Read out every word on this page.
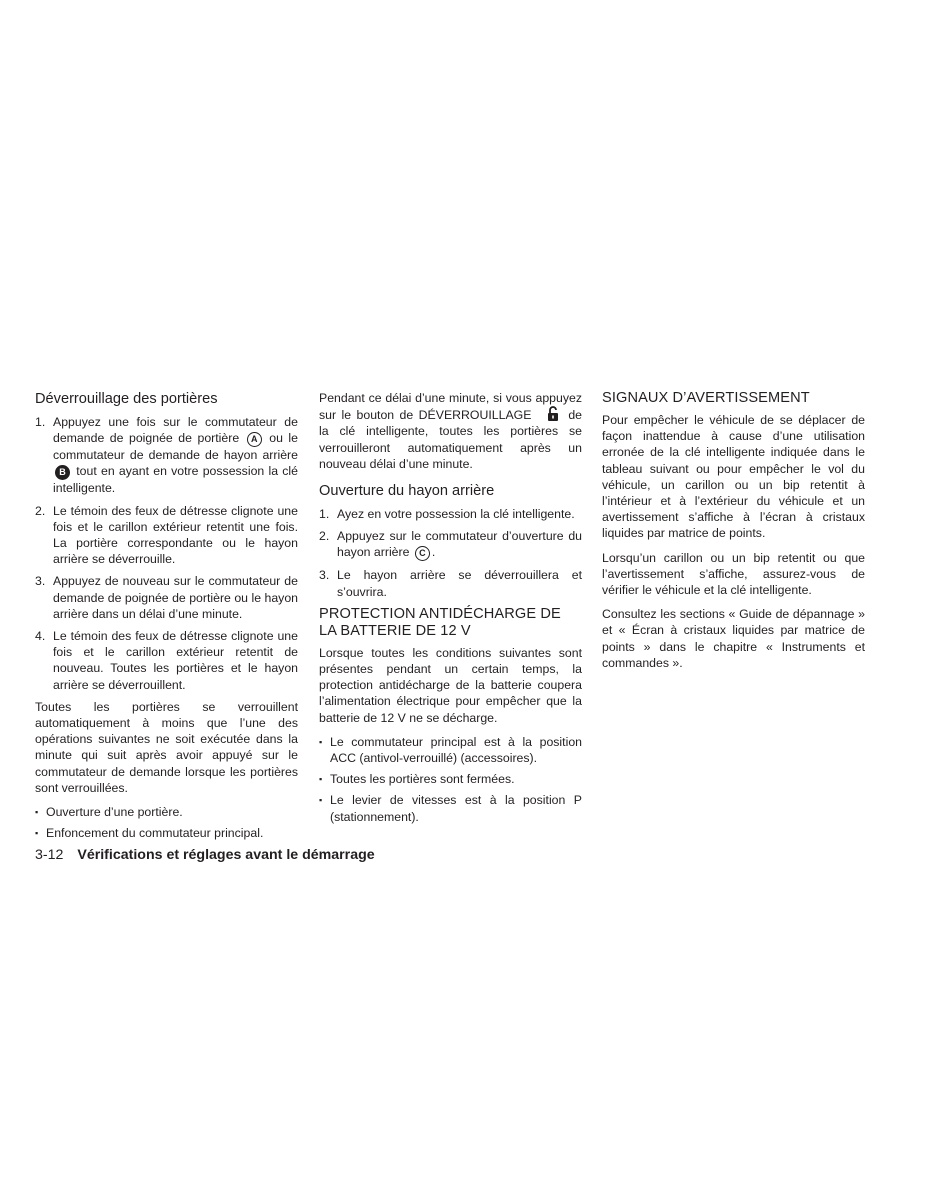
Déverrouillage des portières
1. Appuyez une fois sur le commutateur de demande de poignée de portière A ou le commutateur de demande de hayon arrière B tout en ayant en votre possession la clé intelligente.
2. Le témoin des feux de détresse clignote une fois et le carillon extérieur retentit une fois. La portière correspondante ou le hayon arrière se déverrouille.
3. Appuyez de nouveau sur le commutateur de demande de poignée de portière ou le hayon arrière dans un délai d’une minute.
4. Le témoin des feux de détresse clignote une fois et le carillon extérieur retentit de nouveau. Toutes les portières et le hayon arrière se déverrouillent.

Toutes les portières se verrouillent automatiquement à moins que l’une des opérations suivantes ne soit exécutée dans la minute qui suit après avoir appuyé sur le commutateur de demande lorsque les portières sont verrouillées.

▪ Ouverture d’une portière.
▪ Enfoncement du commutateur principal.

Pendant ce délai d’une minute, si vous appuyez sur le bouton de DÉVERROUILLAGE	de la clé intelligente, toutes les portières se verrouilleront automatiquement après un nouveau délai d’une minute.

Ouverture du hayon arrière
1. Ayez en votre possession la clé intelligente.
2. Appuyez sur le commutateur d’ouverture du hayon arrière C .
3. Le hayon arrière se déverrouillera et s’ouvrira.
PROTECTION ANTIDÉCHARGE DE
LA BATTERIE DE 12 V

Lorsque toutes les conditions suivantes sont présentes pendant un certain temps, la protection antidécharge de la batterie coupera l’alimentation électrique pour empêcher que la batterie de 12 V ne se décharge.

▪ Le commutateur principal est à la position ACC (antivol-verrouillé) (accessoires).
▪ Toutes les portières sont fermées.
▪ Le levier de vitesses est à la position P (stationnement).
SIGNAUX D’AVERTISSEMENT

Pour empêcher le véhicule de se déplacer de façon inattendue à cause d’une utilisation erronée de la clé intelligente indiquée dans le tableau suivant ou pour empêcher le vol du véhicule, un carillon ou un bip retentit à l’intérieur et à l’extérieur du véhicule et un avertissement s’affiche à l’écran à cristaux liquides par matrice de points.

Lorsqu’un carillon ou un bip retentit ou que l’avertissement s’affiche, assurez-vous de vérifier le véhicule et la clé intelligente.

Consultez les sections « Guide de dépannage » et « Écran à cristaux liquides par matrice de points » dans le chapitre « Instruments et commandes ».

3-12 Vérifications et réglages avant le démarrage
